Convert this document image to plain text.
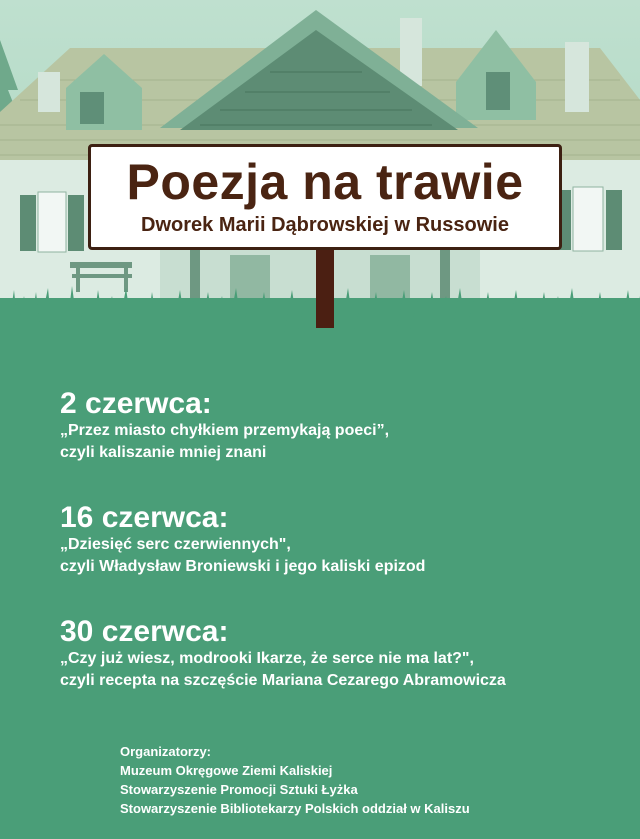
Poezja na trawie
Dworek Marii Dąbrowskiej w Russowie
2 czerwca:
„Przez miasto chyłkiem przemykają poeci”,
czyli kaliszanie mniej znani
16 czerwca:
„Dziesięć serc czerwiennych",
czyli Władysław Broniewski i jego kaliski epizod
30 czerwca:
„Czy już wiesz, modrooki Ikarze, że serce nie ma lat?",
czyli recepta na szczęście Mariana Cezarego Abramowicza
Organizatorzy:
Muzeum Okręgowe Ziemi Kaliskiej
Stowarzyszenie Promocji Sztuki Łyżka
Stowarzyszenie Bibliotekarzy Polskich oddział w Kaliszu
